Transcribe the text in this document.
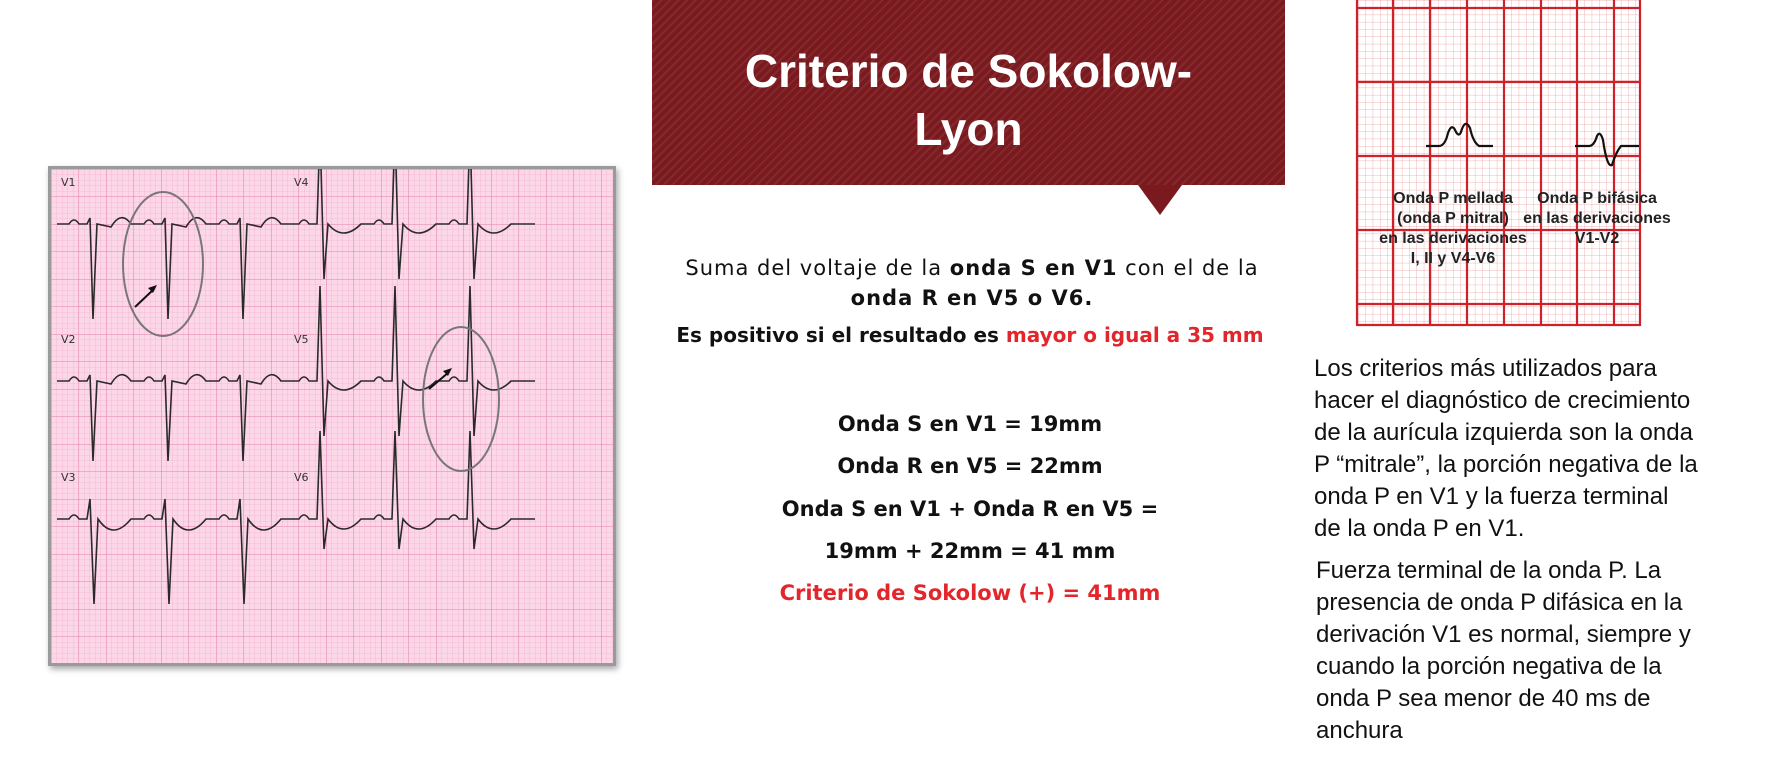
V1	V4
V2	V5
V3	V6
Criterio de Sokolow-
Lyon
Suma del voltaje de la onda S en V1 con el de la onda R en V5 o V6.
Es positivo si el resultado es mayor o igual a 35 mm
Onda S en V1 = 19mm
Onda R en V5 = 22mm
Onda S en V1 + Onda R en V5 =
19mm + 22mm = 41 mm
Criterio de Sokolow (+) = 41mm
Onda P mellada
(onda P mitral)
en las derivaciones
I, II y V4-V6
Onda P bifásica
en las derivaciones
V1-V2
Los criterios más utilizados para
hacer el diagnóstico de crecimiento
de la aurícula izquierda son la onda
P “mitrale”, la porción negativa de la
onda P en V1 y la fuerza terminal
de la onda P en V1.
Fuerza terminal de la onda P. La
presencia de onda P difásica en la
derivación V1 es normal, siempre y
cuando la porción negativa de la
onda P sea menor de 40 ms de
anchura
